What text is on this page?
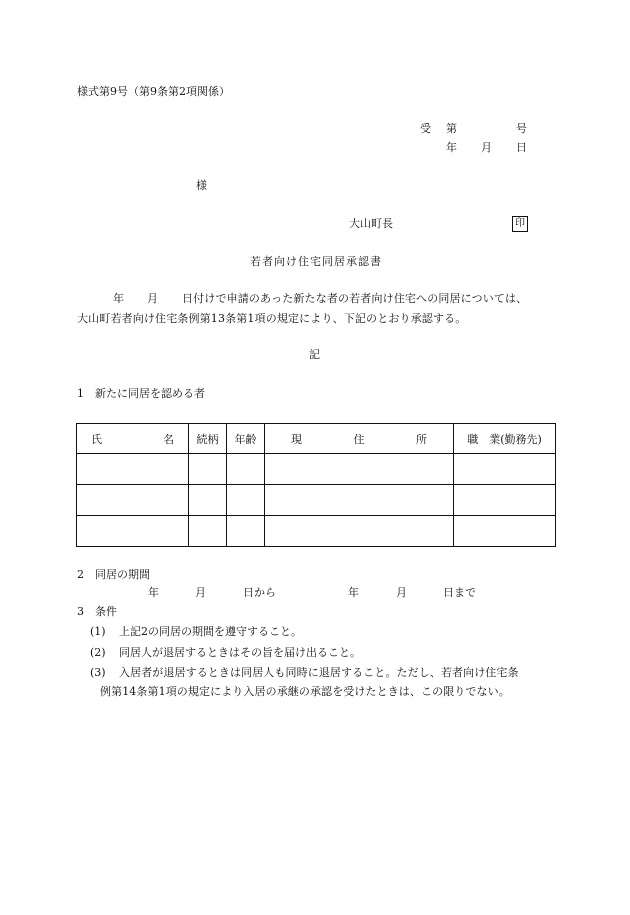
様式第9号（第9条第2項関係）
受 第	号
年 月 日
様
大山町長	印
若者向け住宅同居承認書
年 月 日付けで申請のあった新たな者の若者向け住宅への同居については、
大山町若者向け住宅条例第13条第1項の規定により、下記のとおり承認する。
記
1 新たに同居を認める者
氏 名	続柄	年齢	現 住 所	職　業(勤務先)

2 同居の期間
年	月	日から	年	月	日まで
3 条件
(1) 上記2の同居の期間を遵守すること。
(2) 同居人が退居するときはその旨を届け出ること。
(3) 入居者が退居するときは同居人も同時に退居すること。ただし、若者向け住宅条
例第14条第1項の規定により入居の承継の承認を受けたときは、この限りでない。
